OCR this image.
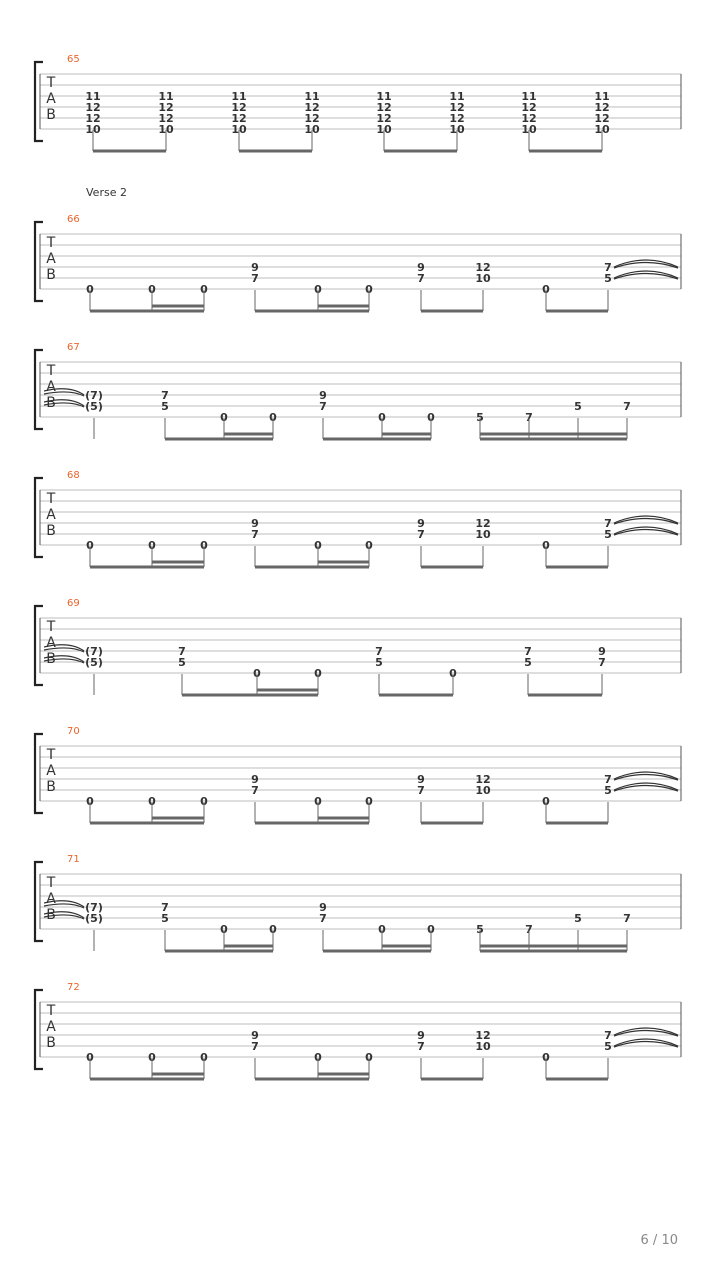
Verse 2
65
T
A
B
11
12
12
10
11
12
12
10
11
12
12
10
11
12
12
10
11
12
12
10
11
12
12
10
11
12
12
10
11
12
12
10
66
T
A
B
0	0	0
9
7
0	0
9
7
12
10
0
7
5
67
T
A
B	(7)
(5)
7
5
0	0
9
7
0	0	5	7
5	7
68
T
A
B
0	0	0
9
7
0	0
9
7
12
10
0
7
5
69
T
A
B	(7)
(5)
7
5
0	0
7
5
0
7
5
9
7
70
T
A
B
0	0	0
9
7
0	0
9
7
12
10
0
7
5
71
T
A
B	(7)
(5)
7
5
0	0
9
7
0	0	5	7
5	7
72
T
A
B
0	0	0
9
7
0	0
9
7
12
10
0
7
5
6 / 10
